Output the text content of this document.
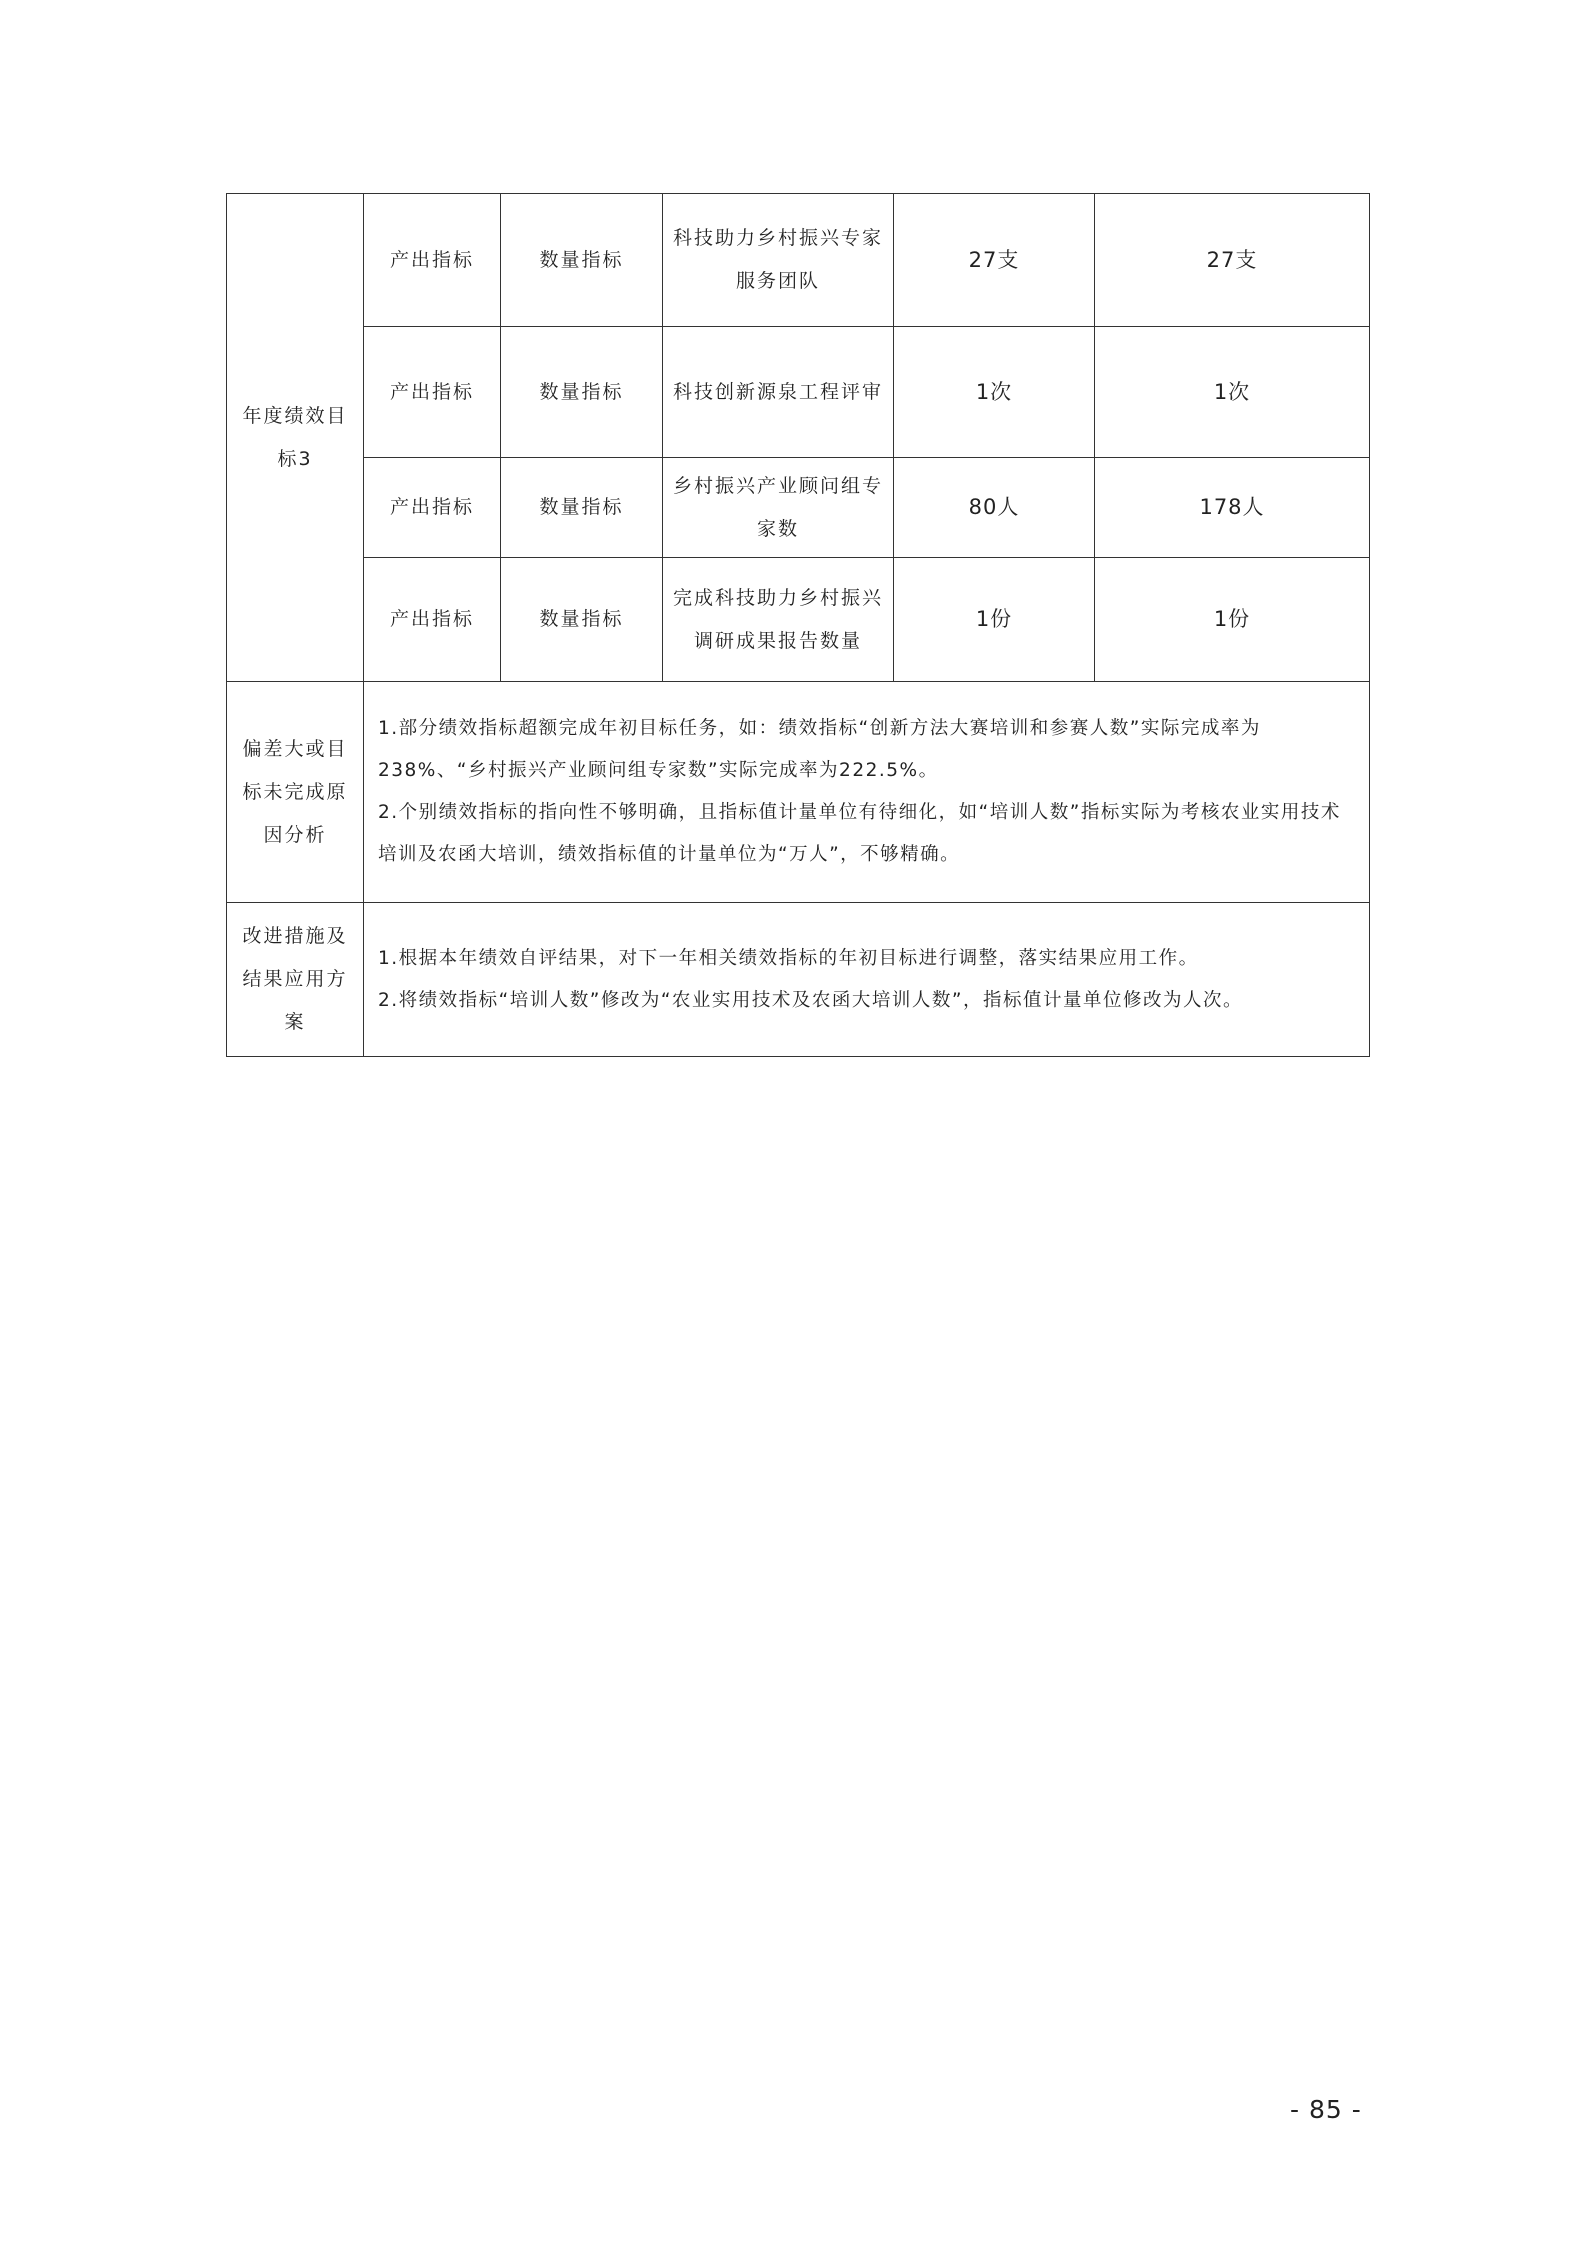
年度绩效目标3	产出指标	数量指标	科技助力乡村振兴专家服务团队	27支	27支
	产出指标	数量指标	科技创新源泉工程评审	1次	1次
	产出指标	数量指标	乡村振兴产业顾问组专家数	80人	178人
	产出指标	数量指标	完成科技助力乡村振兴调研成果报告数量	1份	1份
偏差大或目标未完成原因分析	1.部分绩效指标超额完成年初目标任务，如：绩效指标“创新方法大赛培训和参赛人数”实际完成率为238%、“乡村振兴产业顾问组专家数”实际完成率为222.5%。
2.个别绩效指标的指向性不够明确，且指标值计量单位有待细化，如“培训人数”指标实际为考核农业实用技术培训及农函大培训，绩效指标值的计量单位为“万人”，不够精确。				

改进措施及结果应用方案	1.根据本年绩效自评结果，对下一年相关绩效指标的年初目标进行调整，落实结果应用工作。
2.将绩效指标“培训人数”修改为“农业实用技术及农函大培训人数”，指标值计量单位修改为人次。				
- 85 -
